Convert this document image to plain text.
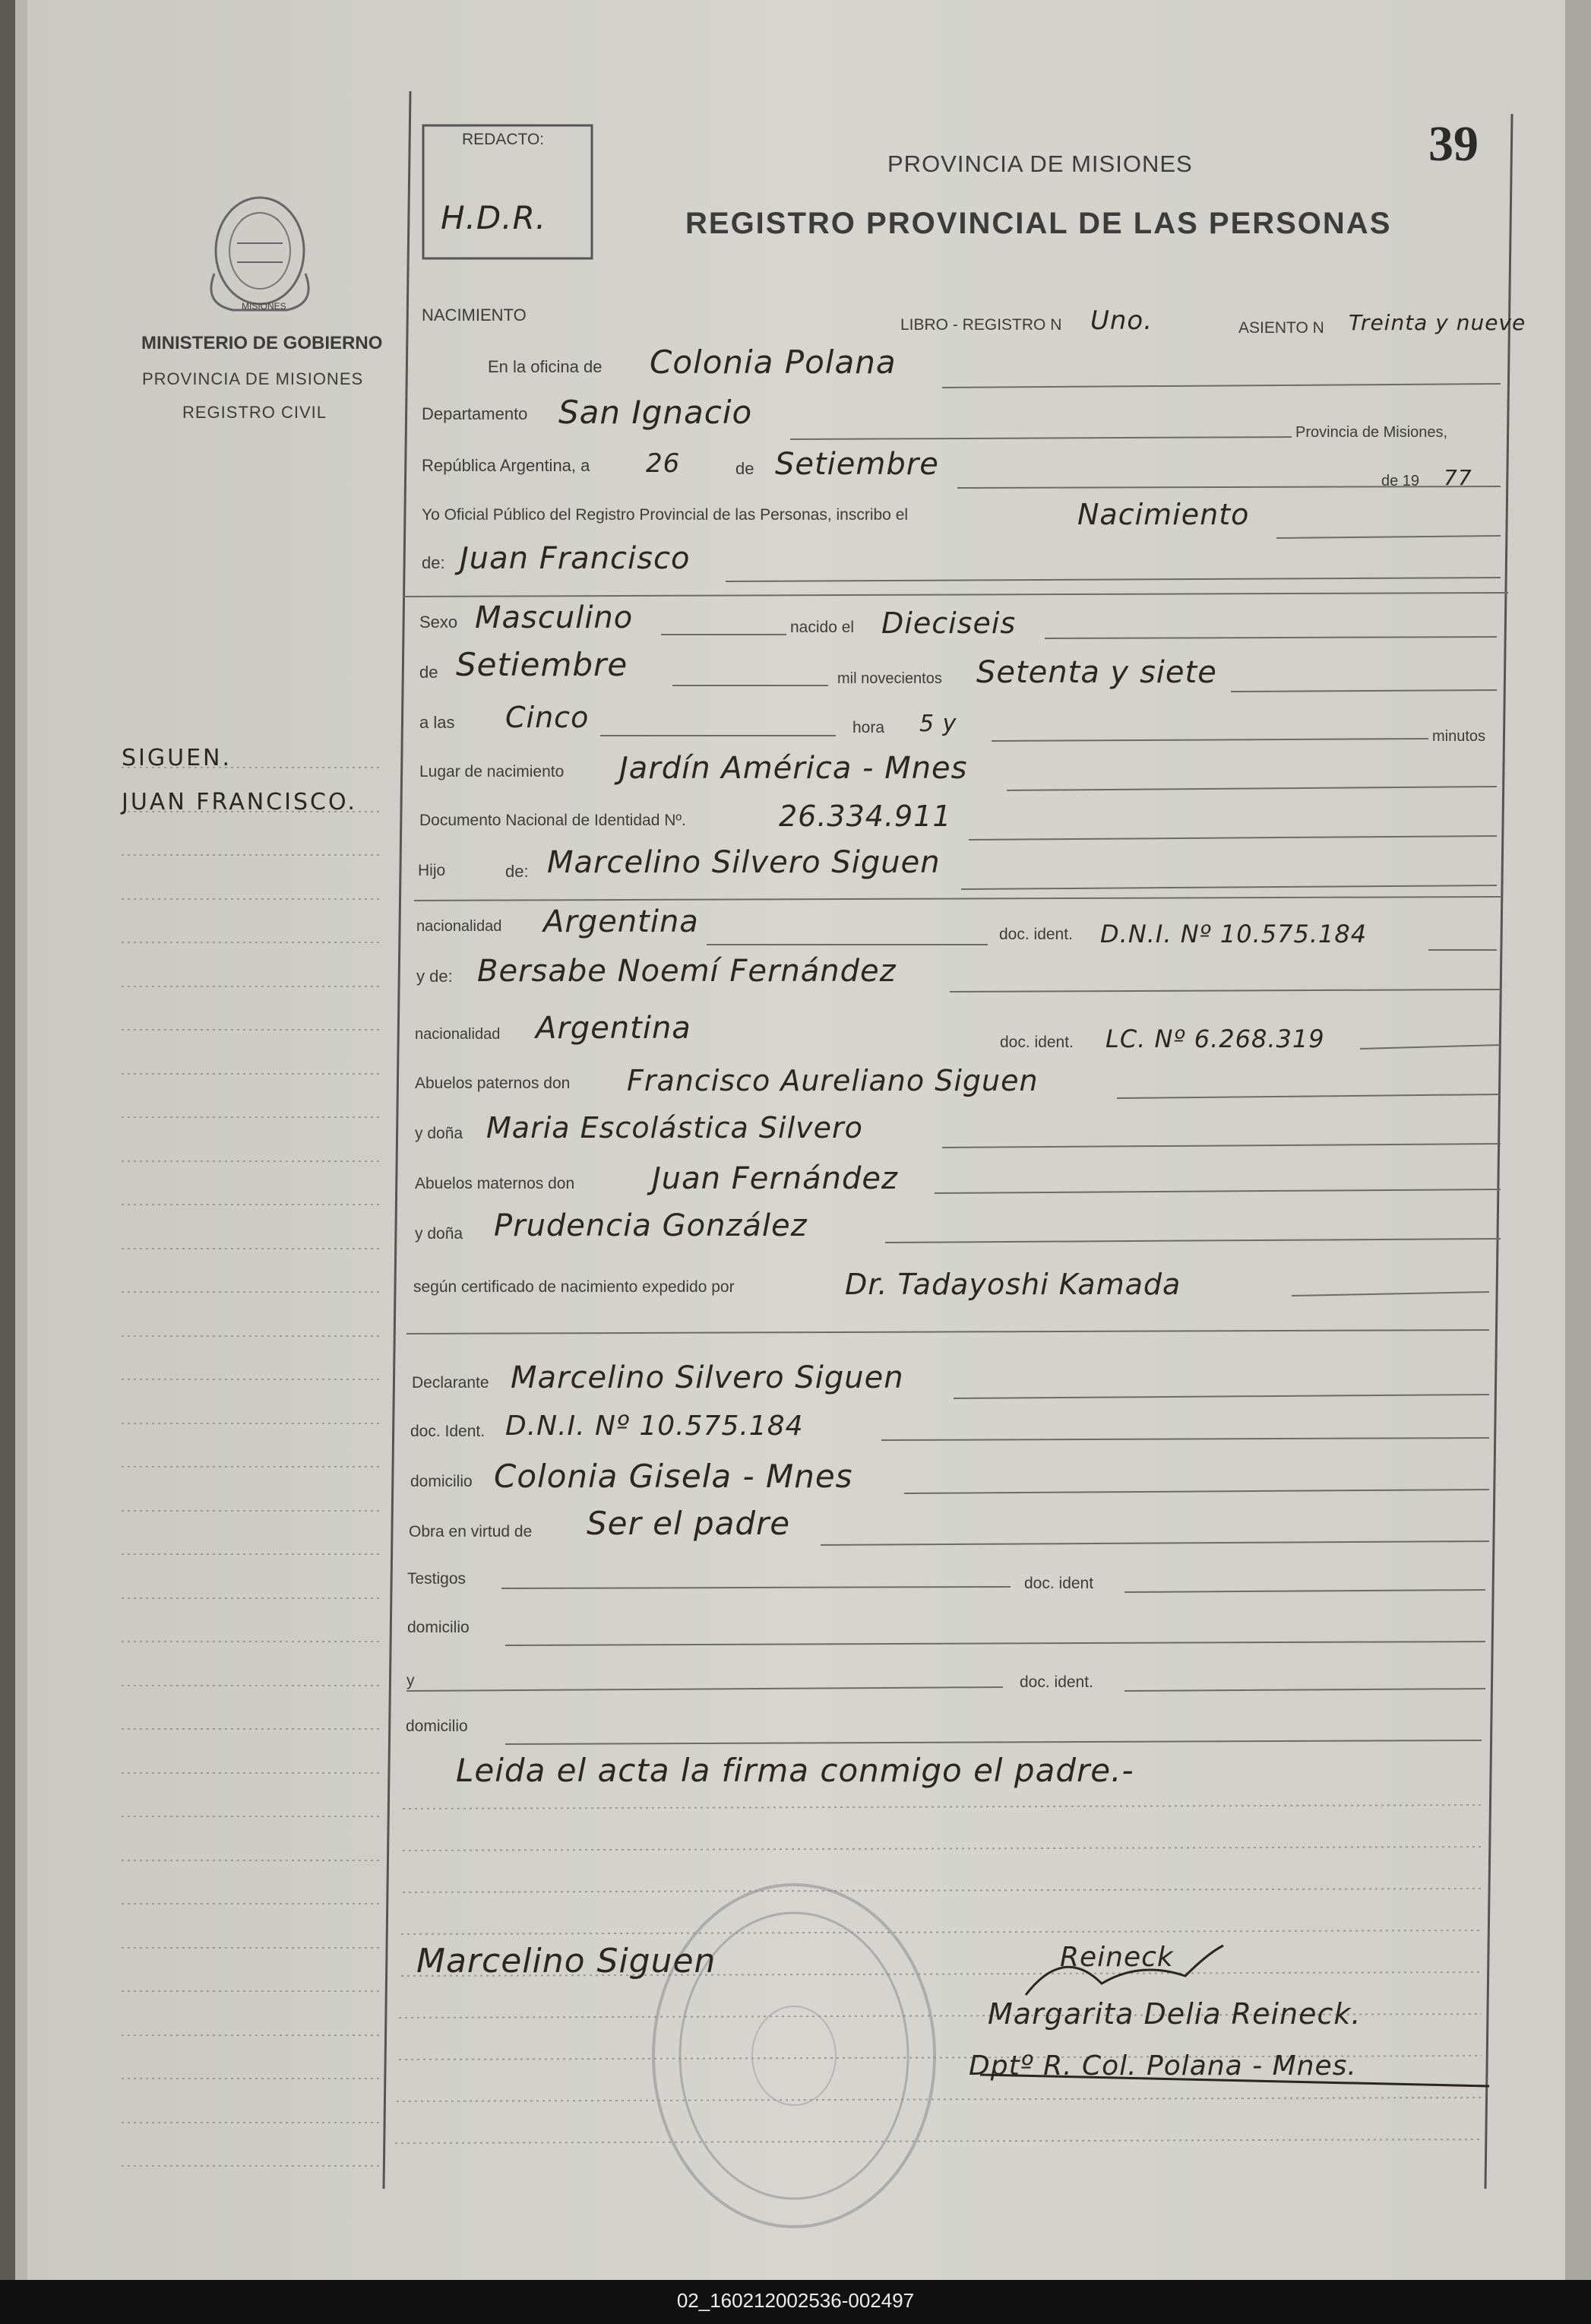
39
REDACTO:
H.D.R.
PROVINCIA DE MISIONES
REGISTRO PROVINCIAL DE LAS PERSONAS
MISIONES
MINISTERIO DE GOBIERNO
PROVINCIA DE MISIONES
REGISTRO CIVIL
SIGUEN.
JUAN FRANCISCO.
NACIMIENTO
LIBRO - REGISTRO N Uno.	ASIENTO N Treinta y nueve
En la oficina de Colonia Polana
Departamento San Ignacio
Provincia de Misiones,
República Argentina, a 26	de Setiembre	de 19 77
Yo Oficial Público del Registro Provincial de las Personas, inscribo el	Nacimiento
de: Juan Francisco
Sexo Masculino	nacido el Dieciseis
de Setiembre	mil novecientos Setenta y siete
a las Cinco	hora 5 y	minutos
Lugar de nacimiento Jardín América - Mnes
Documento Nacional de Identidad Nº.	26.334.911
Hijo	de: Marcelino Silvero Siguen
nacionalidad Argentina	doc. ident. D.N.I. Nº 10.575.184
y de: Bersabe Noemí Fernández
nacionalidad Argentina	doc. ident. LC. Nº 6.268.319
Abuelos paternos don Francisco Aureliano Siguen
y doña Maria Escolástica Silvero
Abuelos maternos don	Juan Fernández
y doña Prudencia González
según certificado de nacimiento expedido por	Dr. Tadayoshi Kamada
Declarante Marcelino Silvero Siguen
doc. Ident. D.N.I. Nº 10.575.184
domicilio Colonia Gisela - Mnes
Obra en virtud de Ser el padre
Testigos	doc. ident
domicilio
y	doc. ident.
domicilio
Leida el acta la firma conmigo el padre.-
Marcelino Siguen	Reineck
Margarita Delia Reineck.
Dptº R. Col. Polana - Mnes.
02_160212002536-002497
